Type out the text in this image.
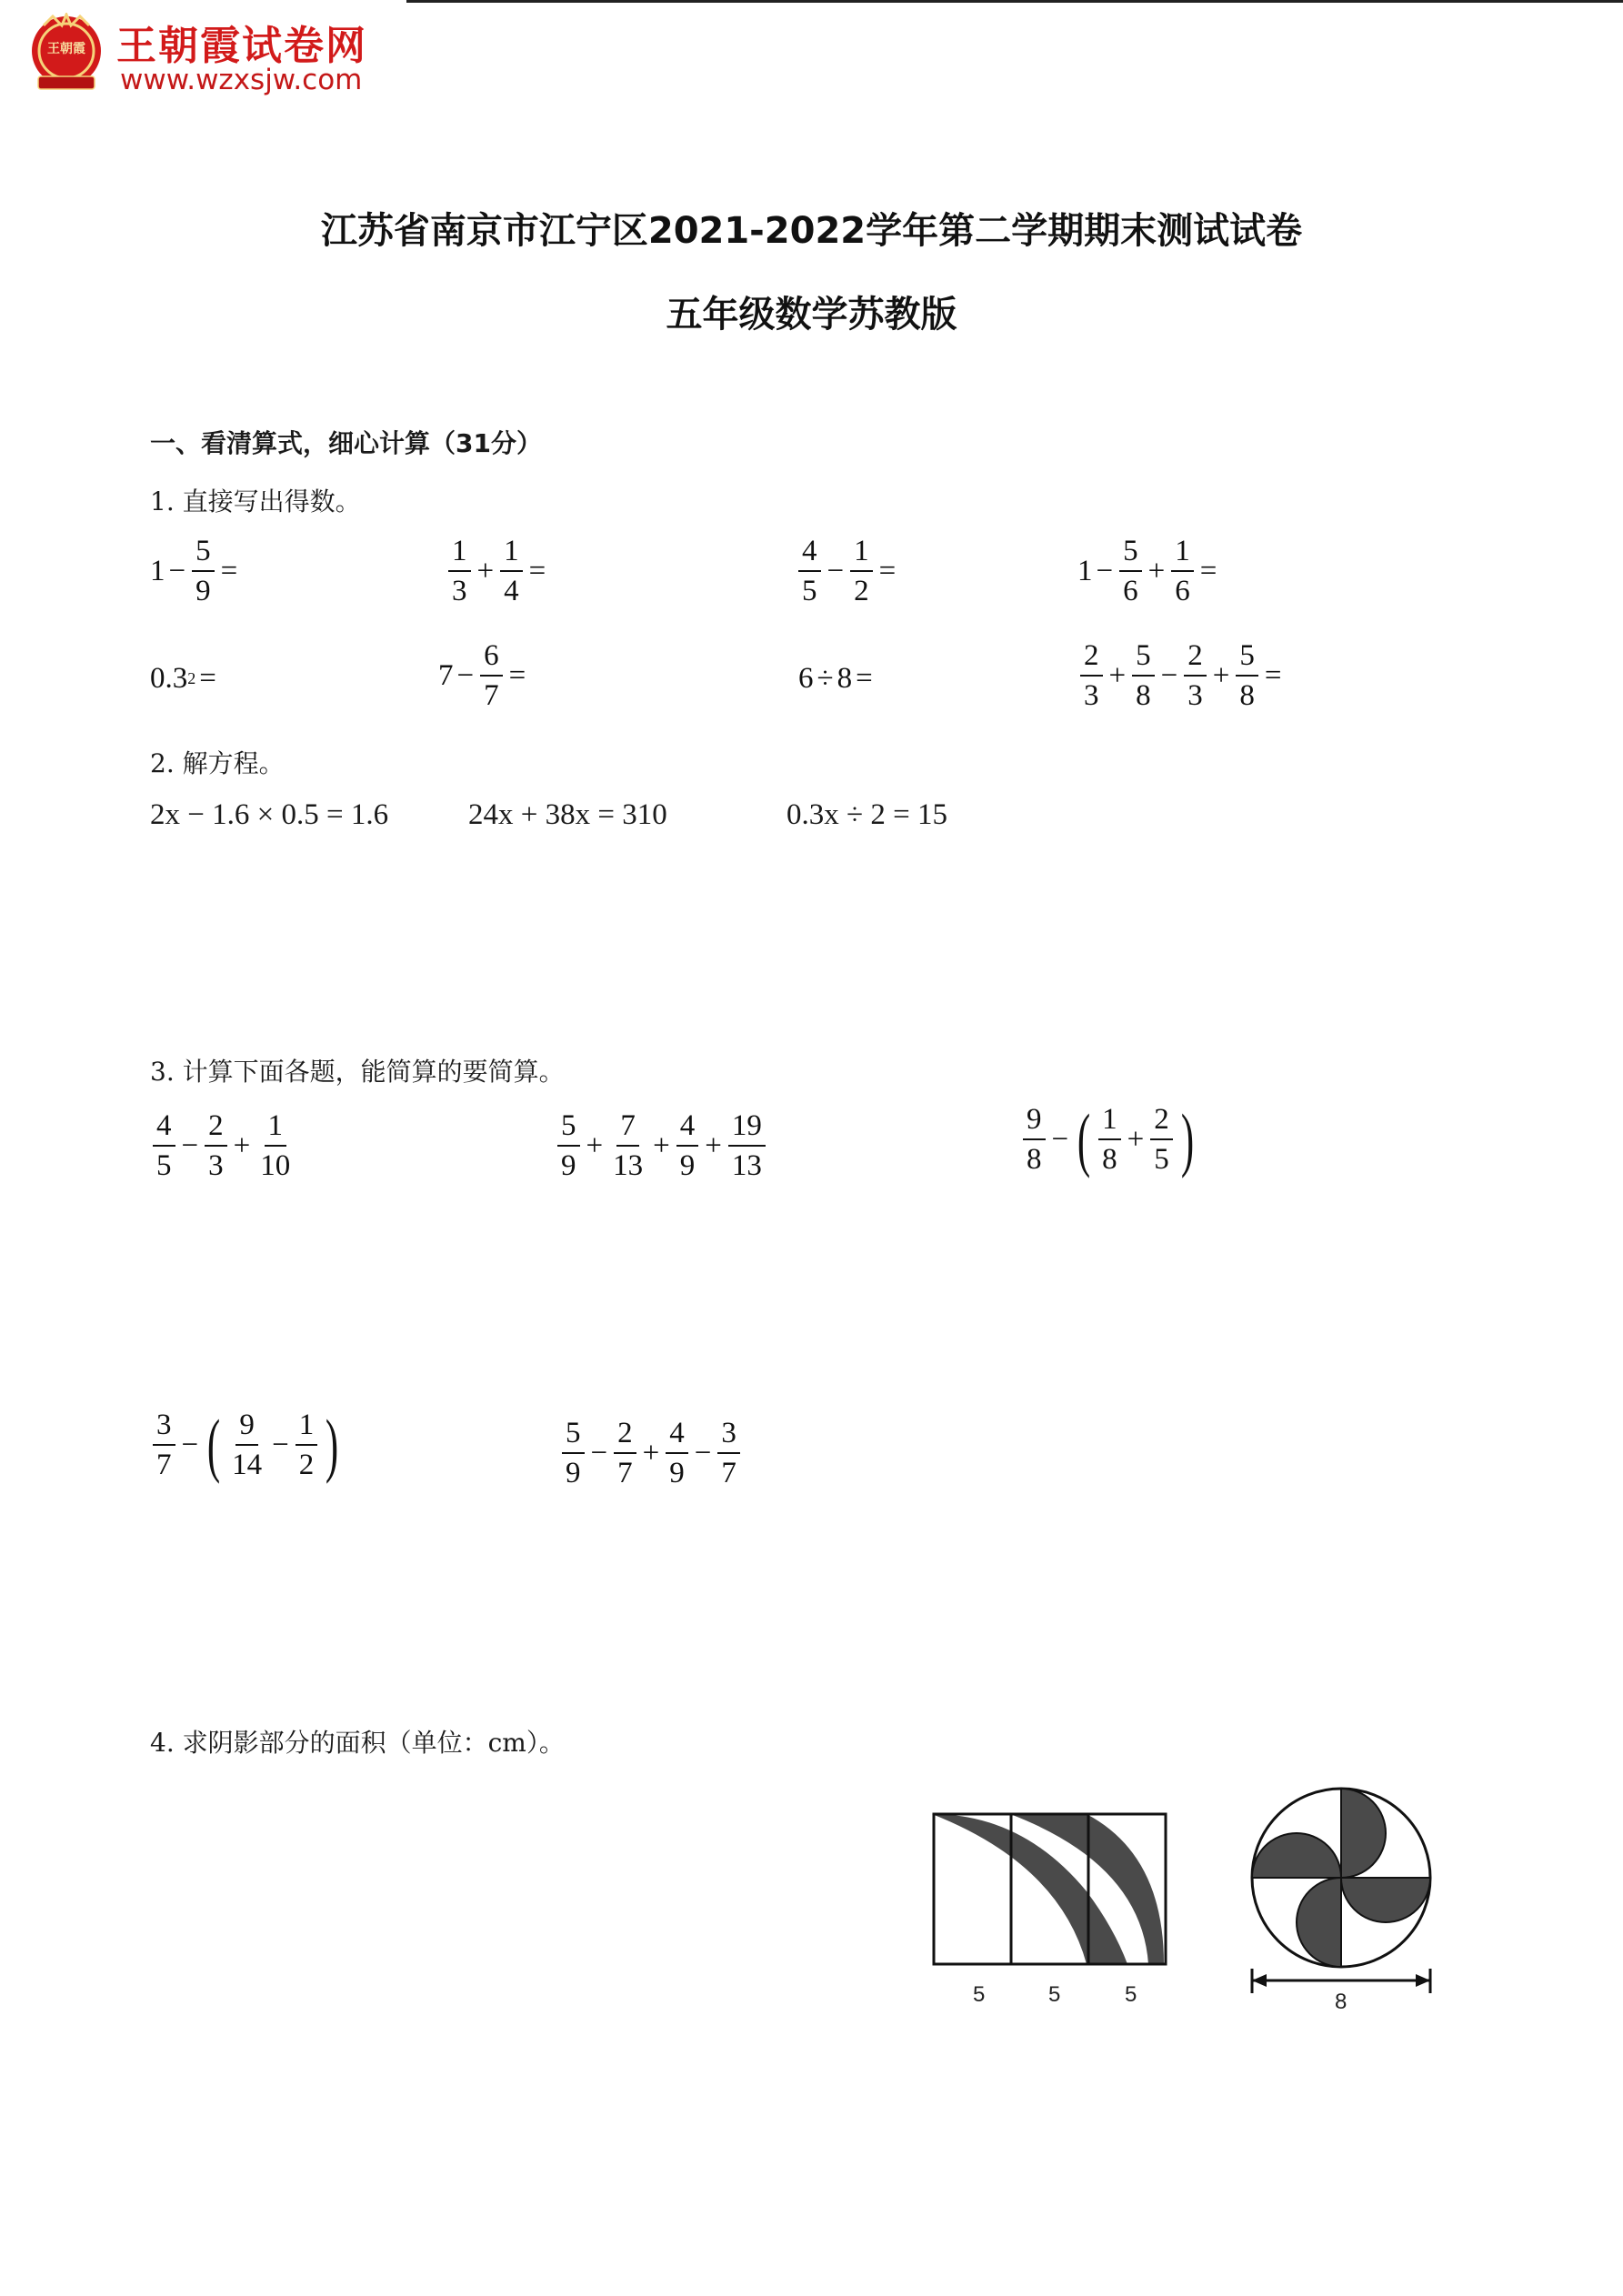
王朝霞 王朝霞试卷网
www.wzxsjw.com
江苏省南京市江宁区2021-2022学年第二学期期末测试试卷
五年级数学苏教版
一、看清算式，细心计算（31分）
1. 直接写出得数。
$1 - \frac{5}{9}$ =	$\frac{1}{3} + \frac{1}{4}$ =	$\frac{4}{5} - \frac{1}{2}$ =	$1 - \frac{5}{6} + \frac{1}{6}$ =
0.3 2 =	$7 - \frac{6}{7}$ =	6 ÷ 8 =	$\frac{2}{3} + \frac{5}{8} - \frac{2}{3} + \frac{5}{8}$ =
2. 解方程。
2x − 1.6 × 0.5 = 1.6	24x + 38x = 310	0.3x ÷ 2 = 15
3. 计算下面各题，能简算的要简算。
$\frac{4}{5} - \frac{2}{3} + \frac{1}{10}$	$\frac{5}{9} + \frac{7}{13} + \frac{4}{9} + \frac{19}{13}$	$\frac{9}{8}$ − ( $\frac{1}{8} + \frac{2}{5}$ )
$\frac{3}{7}$ − ( $\frac{9}{14} - \frac{1}{2}$ )	$\frac{5}{9} - \frac{2}{7} + \frac{4}{9} - \frac{3}{7}$
4. 求阴影部分的面积（单位：cm）。
5	5	5	8
